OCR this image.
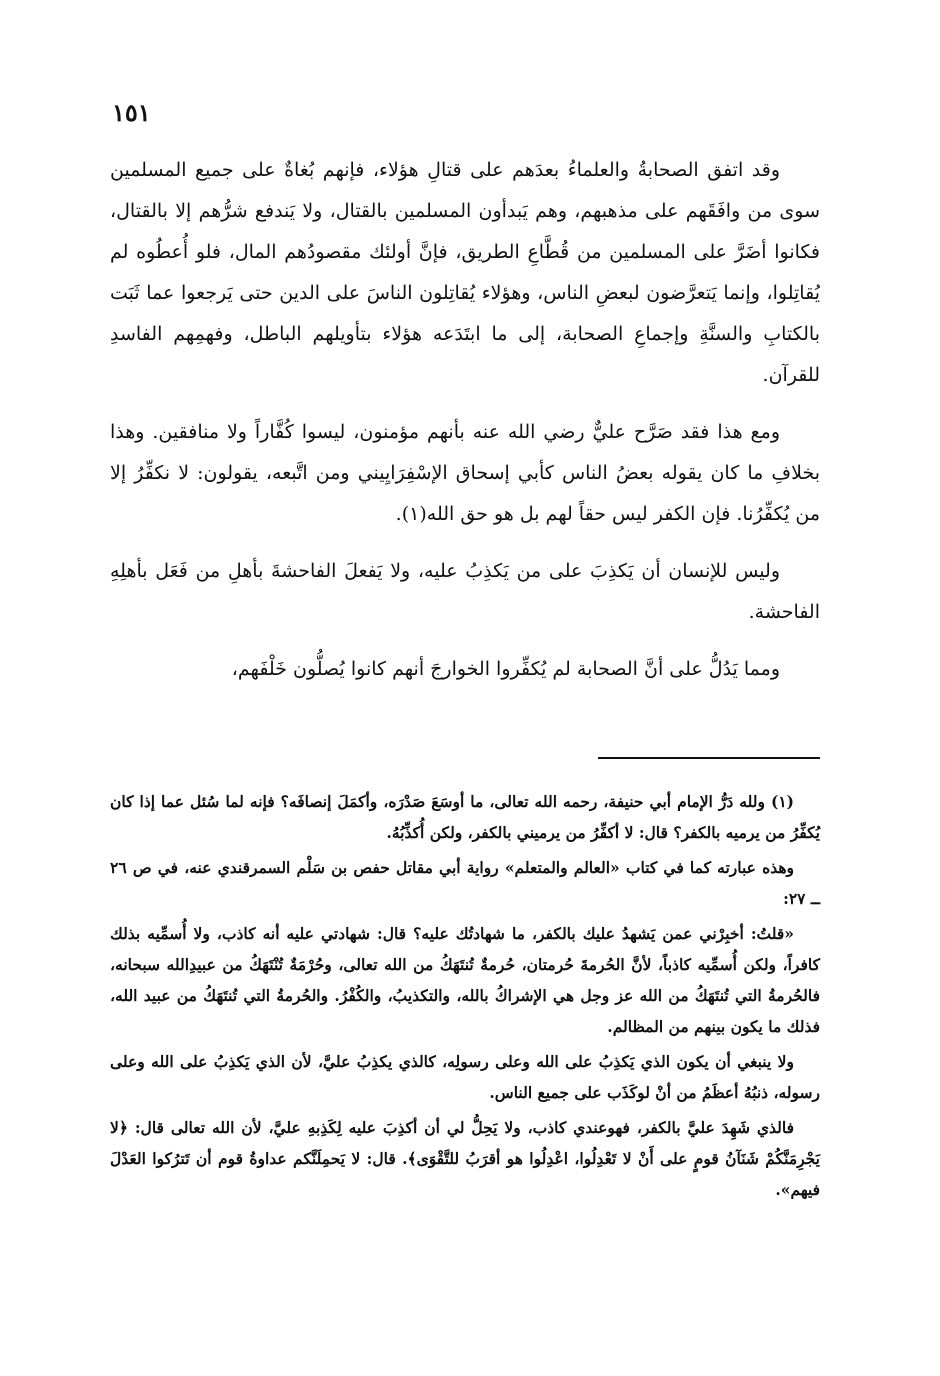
١٥١

وقد اتفق الصحابةُ والعلماءُ بعدَهم على قتالِ هؤلاء، فإنهم بُغاةٌ على جميع المسلمين سوى من وافَقَهم على مذهبهم، وهم يَبدأون المسلمين بالقتال، ولا يَندفع شرُّهم إلا بالقتال، فكانوا أضَرَّ على المسلمين من قُطَّاعِ الطريق، فإنَّ أولئك مقصودُهم المال، فلو أُعطُوه لم يُقاتِلوا، وإنما يَتعرَّضون لبعضِ الناس، وهؤلاء يُقاتِلون الناسَ على الدين حتى يَرجعوا عما ثَبَت بالكتابِ والسنَّةِ وإجماعِ الصحابة، إلى ما ابتَدَعه هؤلاء بتأويلهم الباطل، وفهمِهم الفاسدِ للقرآن.

ومع هذا فقد صَرَّح عليٌّ رضي الله عنه بأنهم مؤمنون، ليسوا كُفَّاراً ولا منافقين. وهذا بخلافِ ما كان يقوله بعضُ الناس كأبي إسحاق الإسْفِرَايِيني ومن اتَّبعه، يقولون: لا نكفِّرُ إلا من يُكفِّرُنا. فإن الكفر ليس حقاً لهم بل هو حق الله(١).

وليس للإنسان أن يَكذِبَ على من يَكذِبُ عليه، ولا يَفعلَ الفاحشةَ بأهلِ من فَعَل بأهلِهِ الفاحشة.

ومما يَدُلُّ على أنَّ الصحابة لم يُكفِّروا الخوارجَ أنهم كانوا يُصلُّون خَلْفَهم،

(١) ولله دَرُّ الإمام أبي حنيفة، رحمه الله تعالى، ما أوسَعَ صَدْرَه، وأكمَلَ إنصافَه؟ فإنه لما سُئل عما إذا كان يُكفِّرُ من يرميه بالكفر؟ قال: لا أكفِّرُ من يرميني بالكفر، ولكن أُكذِّبُهُ.

وهذه عبارته كما في كتاب «العالم والمتعلم» رواية أبي مقاتل حفص بن سَلْم السمرقندي عنه، في ص ٢٦ ــ ٢٧:

«قلتُ: أخبِرْني عمن يَشهدُ عليك بالكفر، ما شهادتُك عليه؟ قال: شهادتي عليه أنه كاذب، ولا أُسمِّيه بذلك كافراً، ولكن أُسمِّيه كاذباً، لأنَّ الحُرمةَ حُرمتان، حُرمةٌ تُنتَهَكُ من الله تعالى، وحُرْمَةٌ تُنْتَهَكُ من عبيدِالله سبحانه، فالحُرمةُ التي تُنتَهَكُ من الله عز وجل هي الإشراكُ بالله، والتكذيبُ، والكُفْرُ. والحُرمةُ التي تُنتَهَكُ من عبيد الله، فذلك ما يكون بينهم من المظالم.

ولا ينبغي أن يكون الذي يَكذِبُ على الله وعلى رسولِه، كالذي يكذِبُ عليَّ، لأن الذي يَكذِبُ على الله وعلى رسوله، ذنبُهُ أعظَمُ من أنْ لوكَذَب على جميع الناس.

فالذي شَهِدَ عليَّ بالكفر، فهوعندي كاذب، ولا يَحِلُّ لي أن أكذِبَ عليه لِكَذِبهِ عليَّ، لأن الله تعالى قال: ﴿لا يَجْرِمَنَّكُمْ شَنَآنُ قومٍ على أَنْ لا تَعْدِلُوا، اعْدِلُوا هو أقرَبُ للتَّقْوَى﴾. قال: لا يَحمِلَنَّكم عداوةُ قوم أن تَترُكوا العَدْلَ فيهم».
